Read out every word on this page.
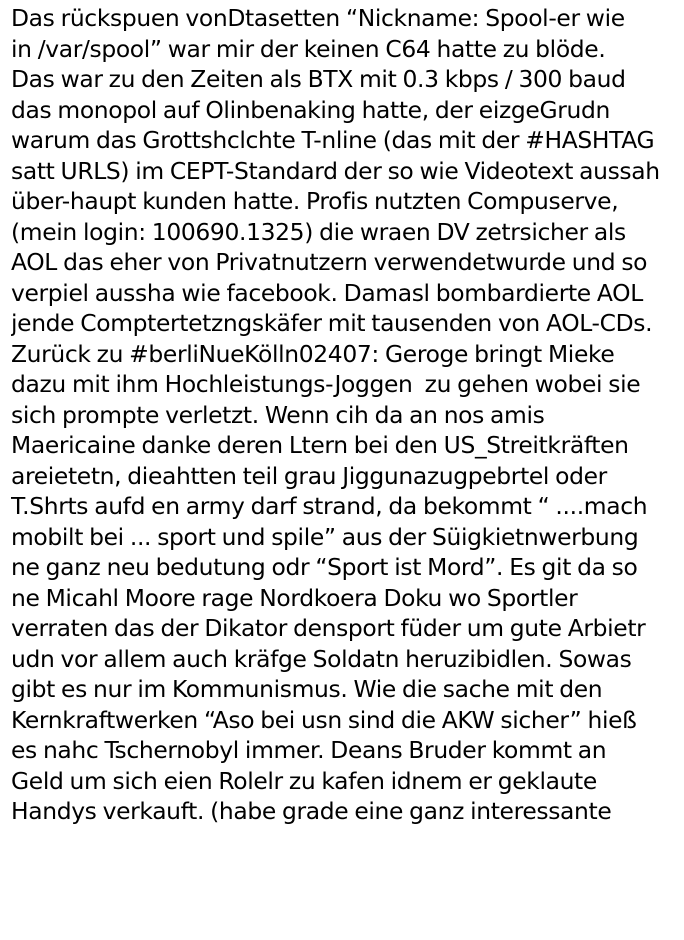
Das rückspuen vonDtasetten “Nickname: Spool-er wie
in /var/spool” war mir der keinen C64 hatte zu blöde.
Das war zu den Zeiten als BTX mit 0.3 kbps / 300 baud
das monopol auf Olinbenaking hatte, der eizgeGrudn
warum das Grottshclchte T-nline (das mit der #HASHTAG
satt URLS) im CEPT-Standard der so wie Videotext aussah
über-haupt kunden hatte. Profis nutzten Compuserve,
(mein login: 100690.1325) die wraen DV zetrsicher als
AOL das eher von Privatnutzern verwendetwurde und so
verpiel aussha wie facebook. Damasl bombardierte AOL
jende Comptertetzngskäfer mit tausenden von AOL-CDs.
Zurück zu #berliNueKölln02407: Geroge bringt Mieke
dazu mit ihm Hochleistungs-Joggen  zu gehen wobei sie
sich prompte verletzt. Wenn cih da an nos amis
Maericaine danke deren Ltern bei den US_Streitkräften
areietetn, dieahtten teil grau Jiggunazugpebrtel oder
T.Shrts aufd en army darf strand, da bekommt “ ....mach
mobilt bei ... sport und spile” aus der Süigkietnwerbung
ne ganz neu bedutung odr “Sport ist Mord”. Es git da so
ne Micahl Moore rage Nordkoera Doku wo Sportler
verraten das der Dikator densport füder um gute Arbietr
udn vor allem auch kräfge Soldatn heruzibidlen. Sowas
gibt es nur im Kommunismus. Wie die sache mit den
Kernkraftwerken “Aso bei usn sind die AKW sicher” hieß
es nahc Tschernobyl immer. Deans Bruder kommt an
Geld um sich eien Rolelr zu kafen idnem er geklaute
Handys verkauft. (habe grade eine ganz interessante
